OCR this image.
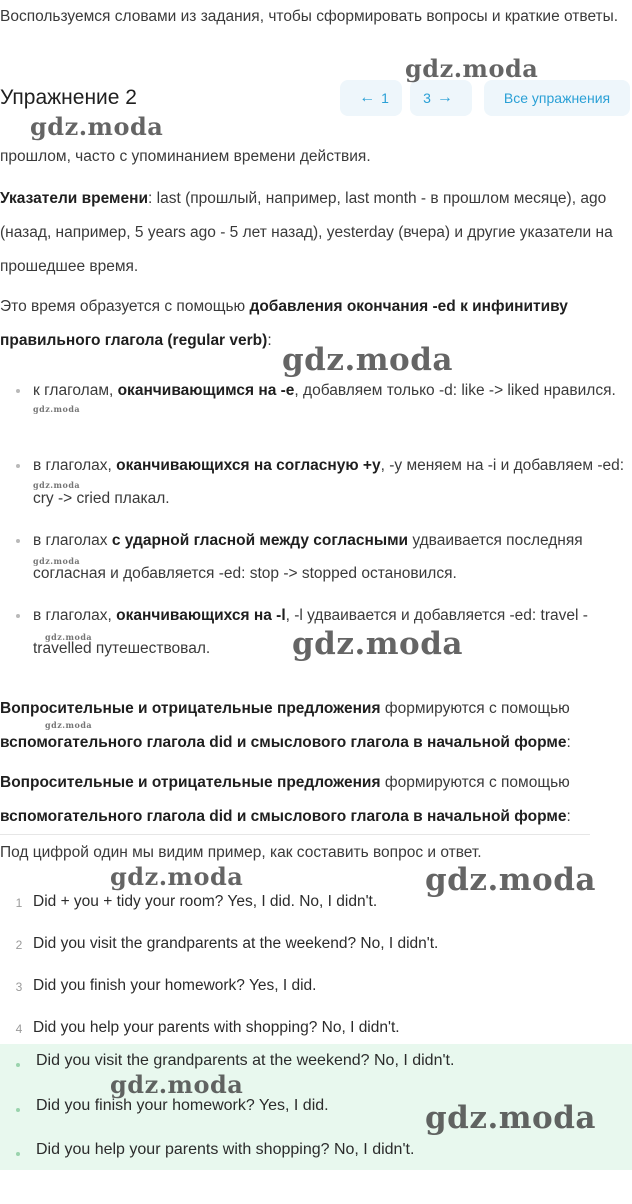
Воспользуемся словами из задания, чтобы сформировать вопросы и краткие ответы.

Упражнение 2	← 1 3 →	Все упражнения

прошлом, часто с упоминанием времени действия.

Указатели времени: last (прошлый, например, last month - в прошлом месяце), ago (назад, например, 5 years ago - 5 лет назад), yesterday (вчера) и другие указатели на прошедшее время.

Это время образуется с помощью добавления окончания -ed к инфинитиву правильного глагола (regular verb):

к глаголам, оканчивающимся на -e, добавляем только -d: like -> liked нравился.
в глаголах, оканчивающихся на согласную +y, -y меняем на -i и добавляем -ed: cry -> cried плакал.
в глаголах с ударной гласной между согласными удваивается последняя согласная и добавляется -ed: stop -> stopped остановился.
в глаголах, оканчивающихся на -l, -l удваивается и добавляется -ed: travel - travelled путешествовал.

Вопросительные и отрицательные предложения формируются с помощью вспомогательного глагола did и смыслового глагола в начальной форме:

Вопросительные и отрицательные предложения формируются с помощью вспомогательного глагола did и смыслового глагола в начальной форме:

Под цифрой один мы видим пример, как составить вопрос и ответ.

1 Did + you + tidy your room? Yes, I did. No, I didn't.
2 Did you visit the grandparents at the weekend? No, I didn't.
3 Did you finish your homework? Yes, I did.
4 Did you help your parents with shopping? No, I didn't.
Did you visit the grandparents at the weekend? No, I didn't.
Did you finish your homework? Yes, I did.
Did you help your parents with shopping? No, I didn't.
gdz.moda
gdz.moda
gdz.moda
gdz.moda
gdz.moda
gdz.moda
gdz.moda	gdz.moda
gdz.moda
gdz.moda	gdz.moda
gdz.moda
gdz.moda
